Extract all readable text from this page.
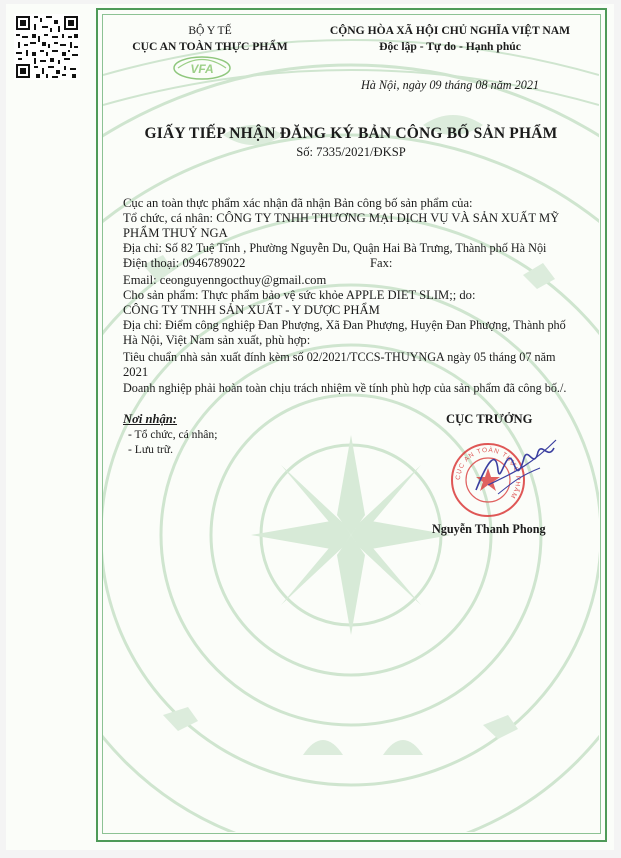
BỘ Y TẾ
CỤC AN TOÀN THỰC PHẨM
VFA
CỘNG HÒA XÃ HỘI CHỦ NGHĨA VIỆT NAM
Độc lập - Tự do - Hạnh phúc
Hà Nội, ngày 09 tháng 08 năm 2021
GIẤY TIẾP NHẬN ĐĂNG KÝ BẢN CÔNG BỐ SẢN PHẨM
Số: 7335/2021/ĐKSP
Cục an toàn thực phẩm xác nhận đã nhận Bản công bố sản phẩm của:
Tổ chức, cá nhân: CÔNG TY TNHH THƯƠNG MẠI DỊCH VỤ VÀ SẢN XUẤT MỸ
PHẨM THUỶ NGA
Địa chỉ: Số 82 Tuệ Tĩnh , Phường Nguyễn Du, Quận Hai Bà Trưng, Thành phố Hà Nội
Điện thoại: 0946789022	Fax:
Email: ceonguyenngocthuy@gmail.com
Cho sản phẩm: Thực phẩm bảo vệ sức khỏe APPLE DIET SLIM;; do:
CÔNG TY TNHH SẢN XUẤT - Y DƯỢC PHẨM
Địa chỉ: Điểm công nghiệp Đan Phượng, Xã Đan Phượng, Huyện Đan Phượng, Thành phố
Hà Nội, Việt Nam sản xuất, phù hợp:
Tiêu chuẩn nhà sản xuất đính kèm số 02/2021/TCCS-THUYNGA ngày 05 tháng 07 năm
2021
Doanh nghiệp phải hoàn toàn chịu trách nhiệm về tính phù hợp của sản phẩm đã công bố./.
Nơi nhận:
- Tổ chức, cá nhân;
- Lưu trữ.
CỤC TRƯỞNG
CỤC AN TOÀN THỰC PHẨM
Nguyễn Thanh Phong
